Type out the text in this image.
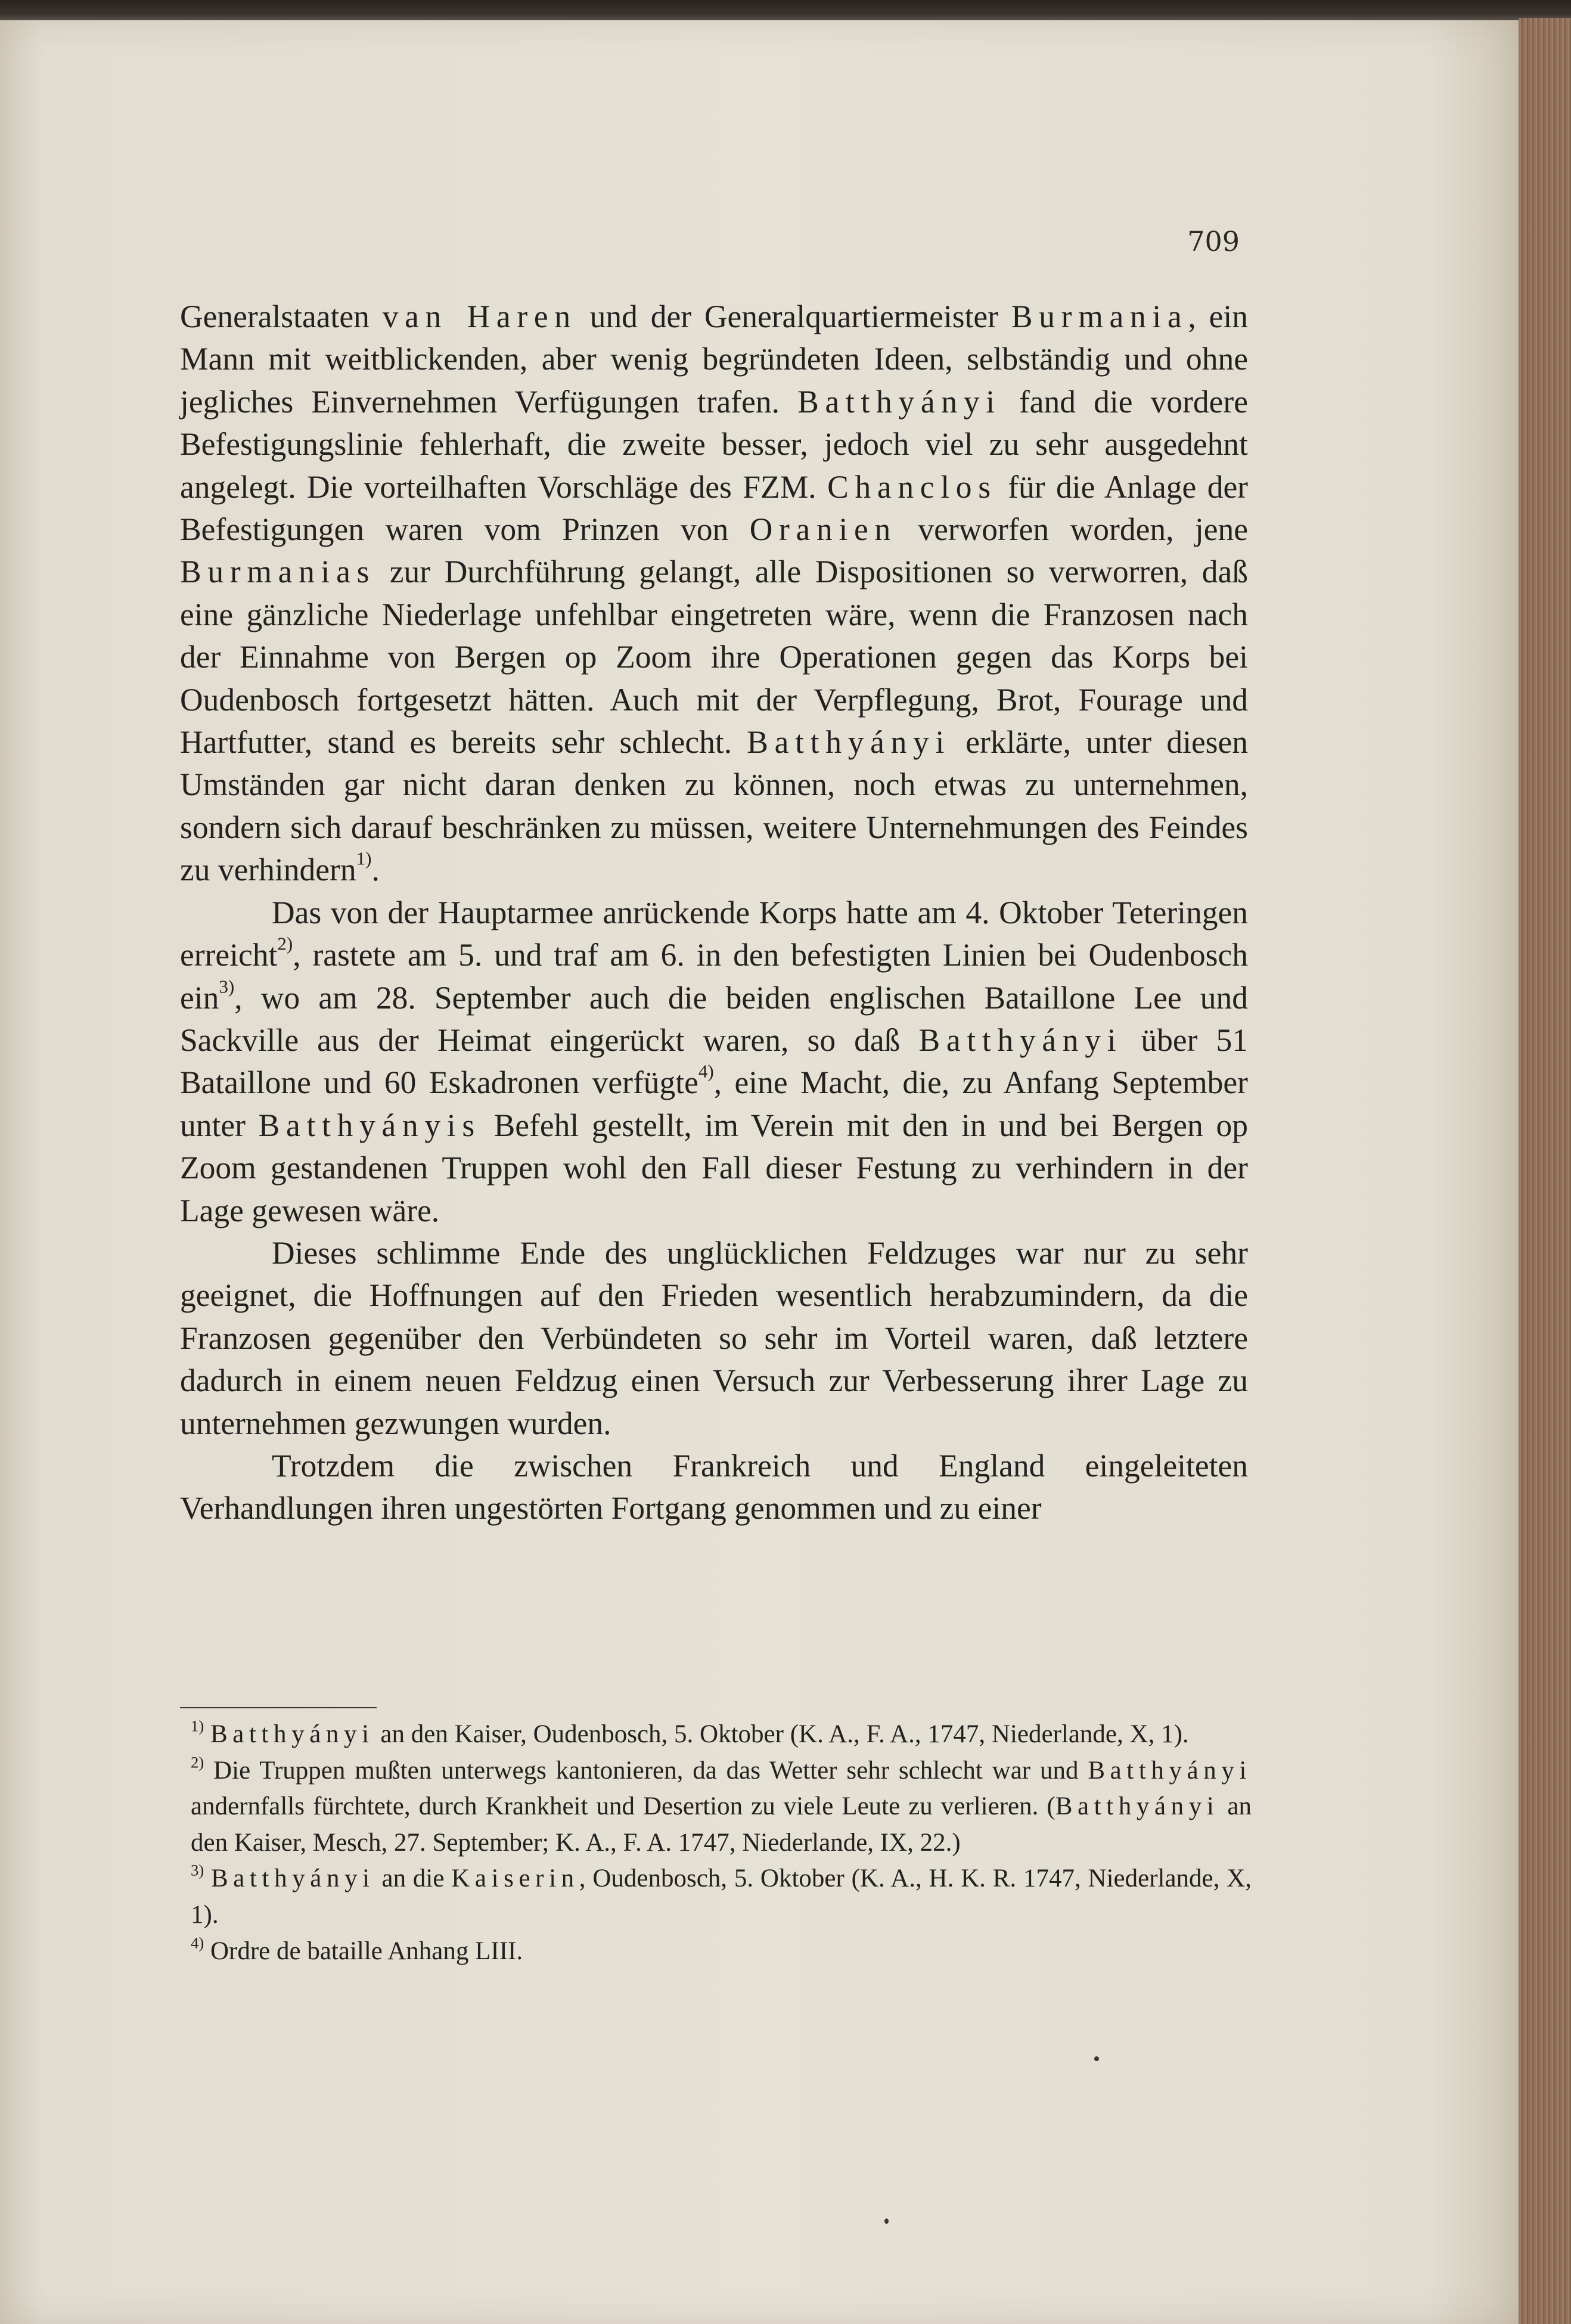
709

Generalstaaten van Haren und der Generalquartiermeister Burmania, ein Mann mit weitblickenden, aber wenig begründeten Ideen, selbständig und ohne jegliches Einvernehmen Verfügungen trafen. Batthyányi fand die vordere Befestigungslinie fehlerhaft, die zweite besser, jedoch viel zu sehr ausgedehnt angelegt. Die vorteilhaften Vorschläge des FZM. Chanclos für die Anlage der Befestigungen waren vom Prinzen von Oranien verworfen worden, jene Burmanias zur Durchführung gelangt, alle Dispositionen so verworren, daß eine gänzliche Niederlage unfehlbar eingetreten wäre, wenn die Franzosen nach der Einnahme von Bergen op Zoom ihre Operationen gegen das Korps bei Oudenbosch fortgesetzt hätten. Auch mit der Verpflegung, Brot, Fourage und Hartfutter, stand es bereits sehr schlecht. Batthyányi erklärte, unter diesen Umständen gar nicht daran denken zu können, noch etwas zu unternehmen, sondern sich darauf beschränken zu müssen, weitere Unternehmungen des Feindes zu verhindern$^{1)}$.

Das von der Hauptarmee anrückende Korps hatte am 4. Oktober Teteringen erreicht$^{2)}$, rastete am 5. und traf am 6. in den befestigten Linien bei Oudenbosch ein$^{3)}$, wo am 28. September auch die beiden englischen Bataillone Lee und Sackville aus der Heimat eingerückt waren, so daß Batthyányi über 51 Bataillone und 60 Eskadronen verfügte$^{4)}$, eine Macht, die, zu Anfang September unter Batthyányis Befehl gestellt, im Verein mit den in und bei Bergen op Zoom gestandenen Truppen wohl den Fall dieser Festung zu verhindern in der Lage gewesen wäre.

Dieses schlimme Ende des unglücklichen Feldzuges war nur zu sehr geeignet, die Hoffnungen auf den Frieden wesentlich herabzumindern, da die Franzosen gegenüber den Verbündeten so sehr im Vorteil waren, daß letztere dadurch in einem neuen Feldzug einen Versuch zur Verbesserung ihrer Lage zu unternehmen gezwungen wurden.

Trotzdem die zwischen Frankreich und England eingeleiteten Verhandlungen ihren ungestörten Fortgang genommen und zu einer

$^{1)}$ Batthyányi an den Kaiser, Oudenbosch, 5. Oktober (K. A., F. A., 1747, Niederlande, X, 1).

$^{2)}$ Die Truppen mußten unterwegs kantonieren, da das Wetter sehr schlecht war und Batthyányi andernfalls fürchtete, durch Krankheit und Desertion zu viele Leute zu verlieren. (Batthyányi an den Kaiser, Mesch, 27. September; K. A., F. A. 1747, Niederlande, IX, 22.)

$^{3)}$ Batthyányi an die Kaiserin, Oudenbosch, 5. Oktober (K. A., H. K. R. 1747, Niederlande, X, 1).

$^{4)}$ Ordre de bataille Anhang LIII.
